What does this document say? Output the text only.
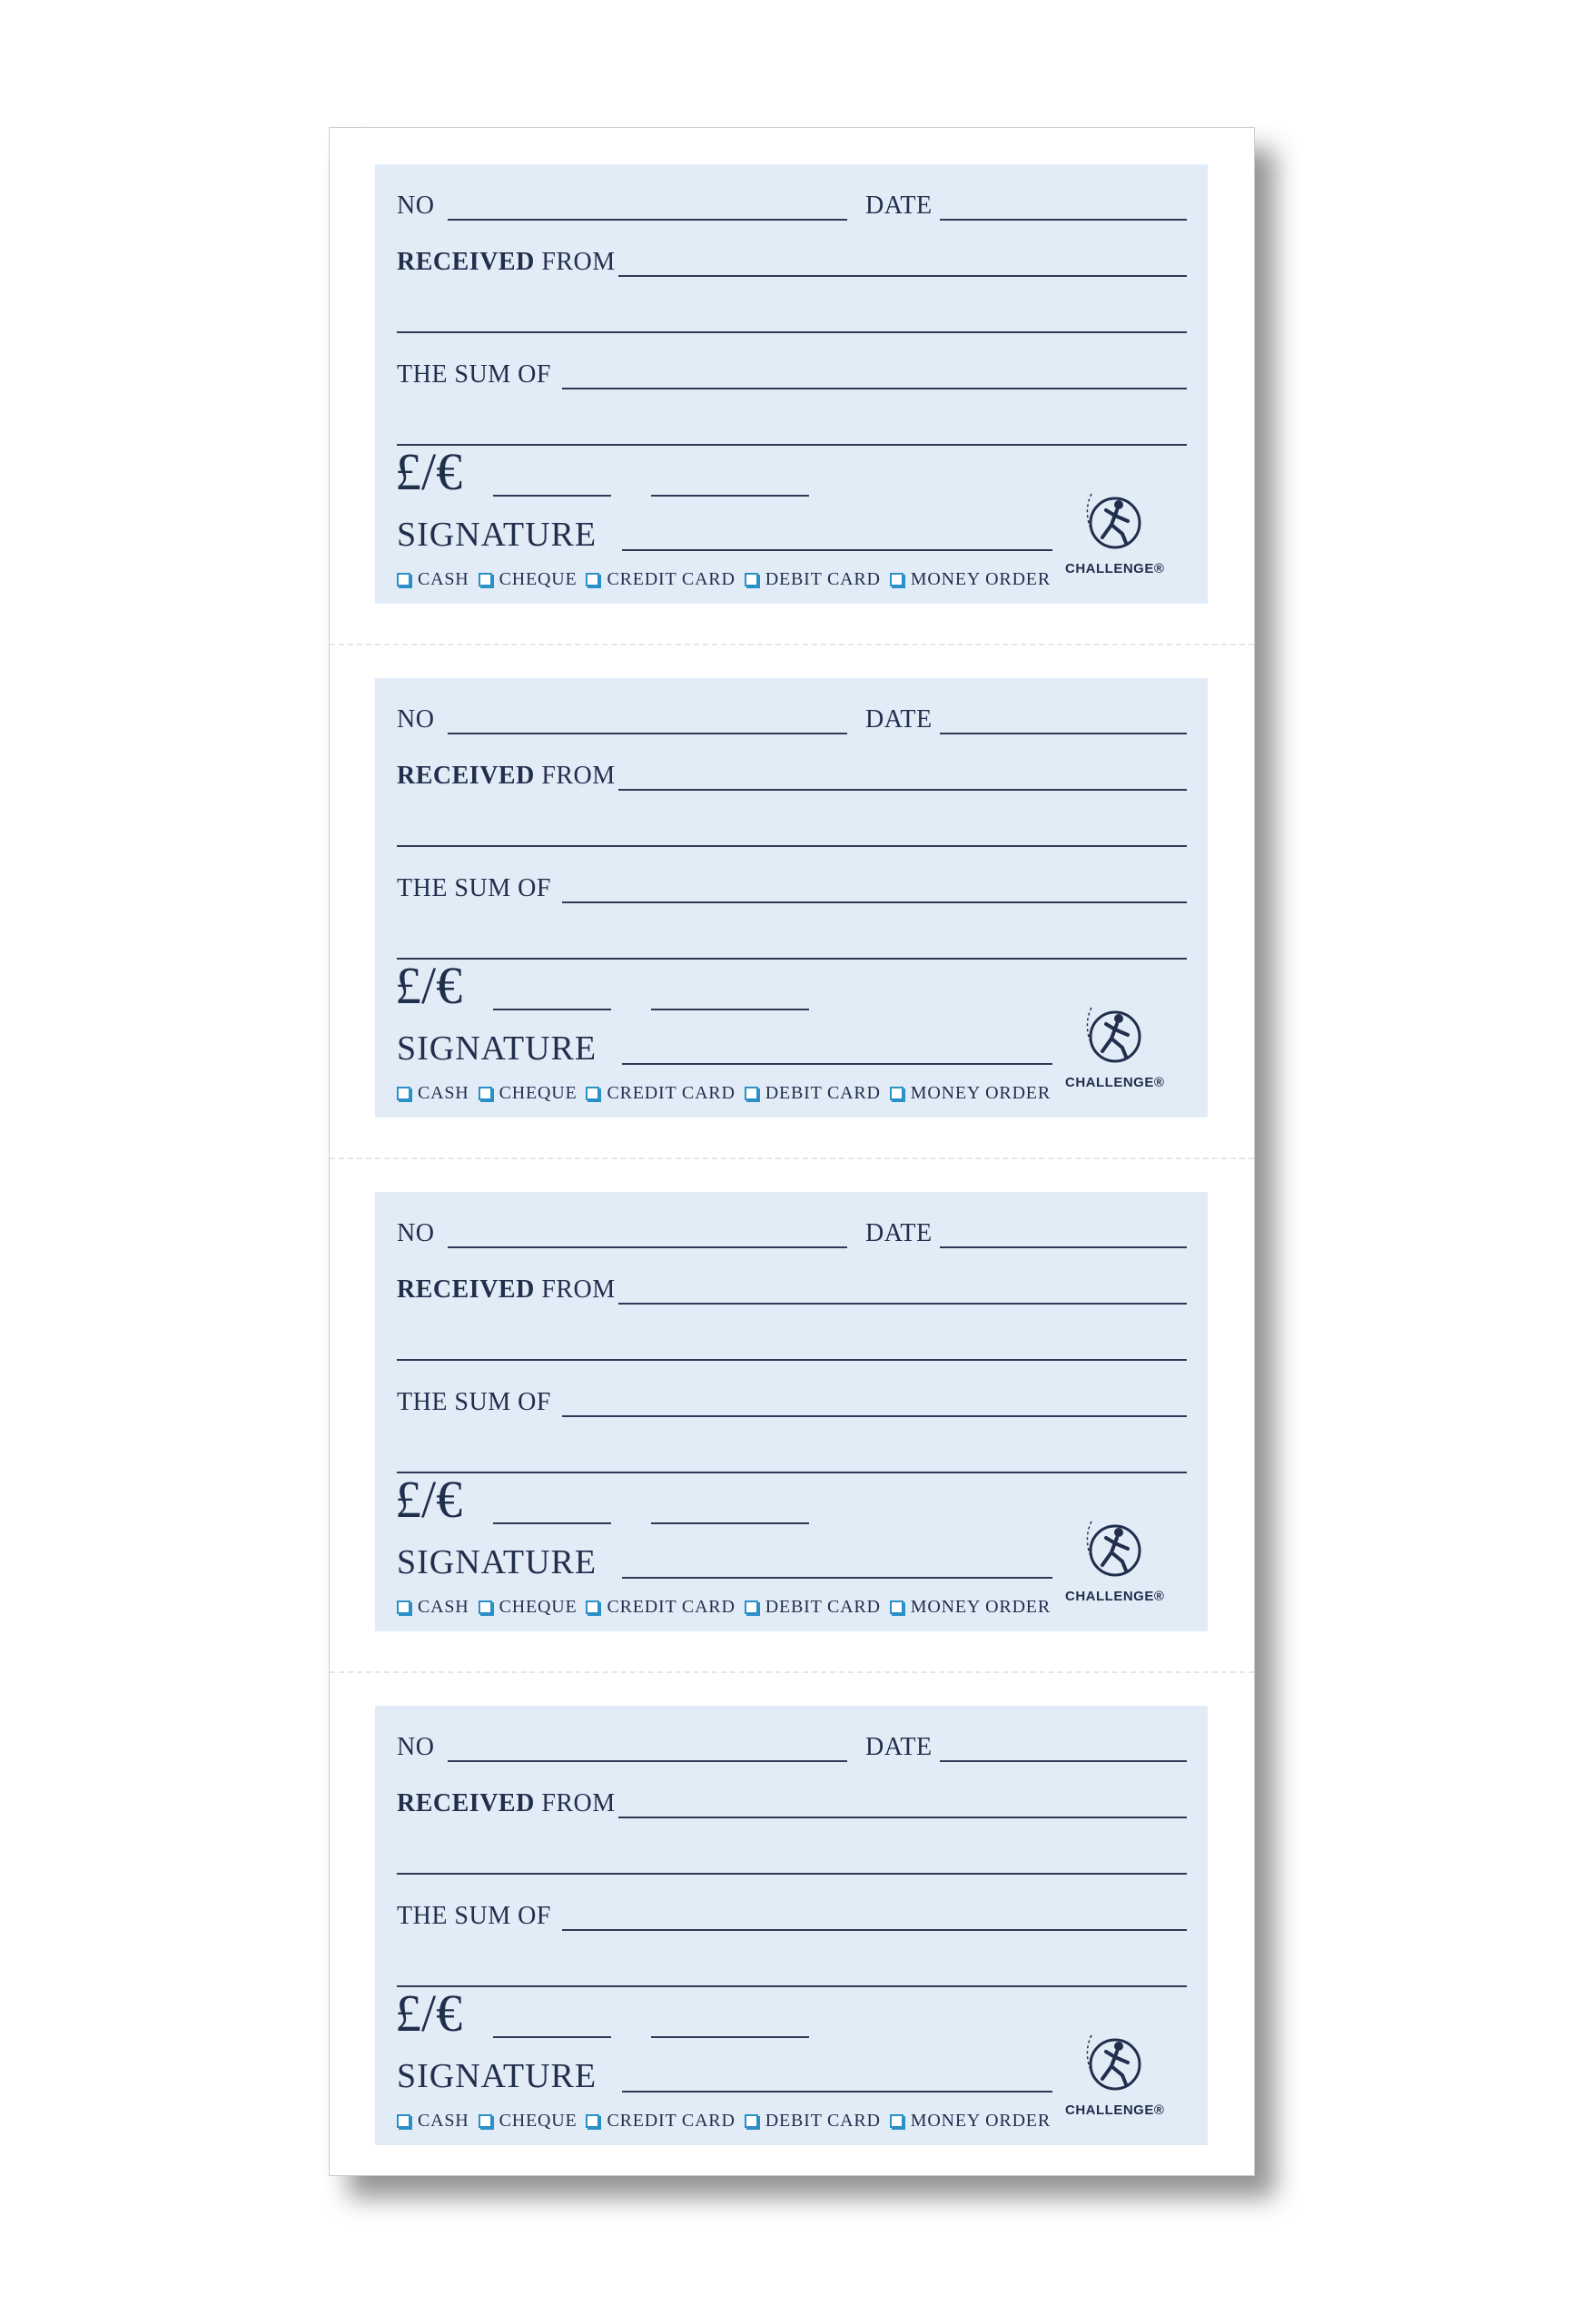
NO	DATE
RECEIVED FROM
THE SUM OF
£/€
SIGNATURE
CASH CHEQUE CREDIT CARD DEBIT CARD MONEY ORDER
CHALLENGE®
NO	DATE
RECEIVED FROM
THE SUM OF
£/€
SIGNATURE
CASH CHEQUE CREDIT CARD DEBIT CARD MONEY ORDER
CHALLENGE®
NO	DATE
RECEIVED FROM
THE SUM OF
£/€
SIGNATURE
CASH CHEQUE CREDIT CARD DEBIT CARD MONEY ORDER
CHALLENGE®
NO	DATE
RECEIVED FROM
THE SUM OF
£/€
SIGNATURE
CASH CHEQUE CREDIT CARD DEBIT CARD MONEY ORDER
CHALLENGE®
